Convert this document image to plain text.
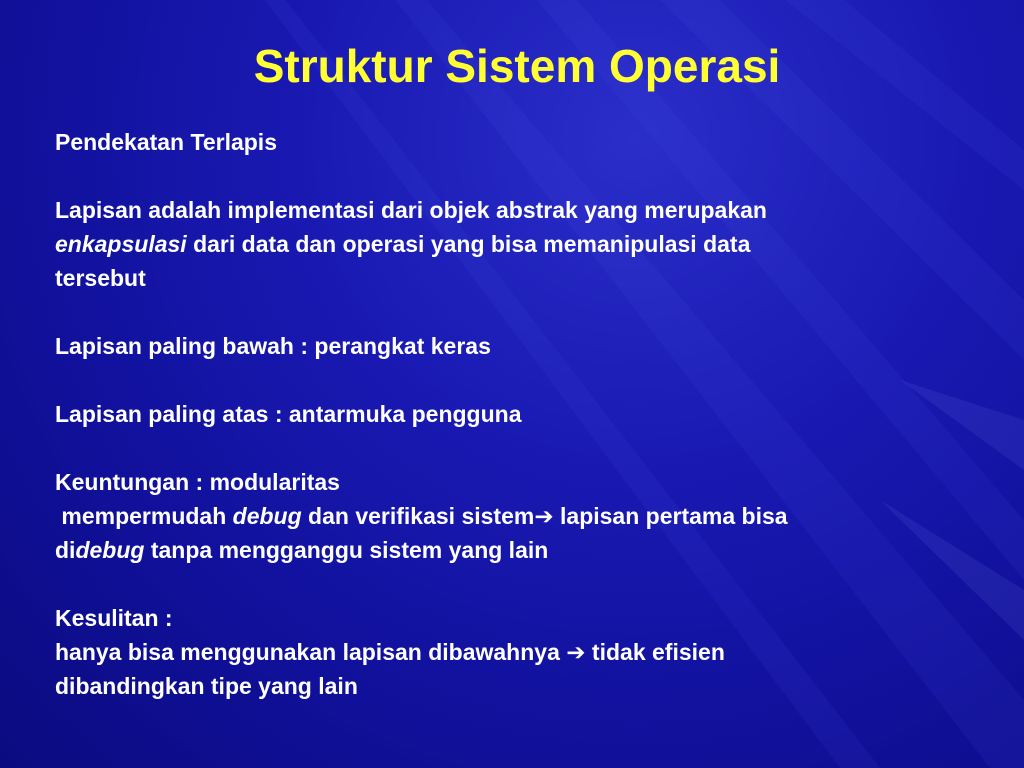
Struktur Sistem Operasi

Pendekatan Terlapis

Lapisan adalah implementasi dari objek abstrak yang merupakan

enkapsulasi dari data dan operasi yang bisa memanipulasi data

tersebut

Lapisan paling bawah : perangkat keras

Lapisan paling atas : antarmuka pengguna

Keuntungan : modularitas

mempermudah debug dan verifikasi sistem➔ lapisan pertama bisa

didebug tanpa mengganggu sistem yang lain

Kesulitan :

hanya bisa menggunakan lapisan dibawahnya ➔ tidak efisien

dibandingkan tipe yang lain
